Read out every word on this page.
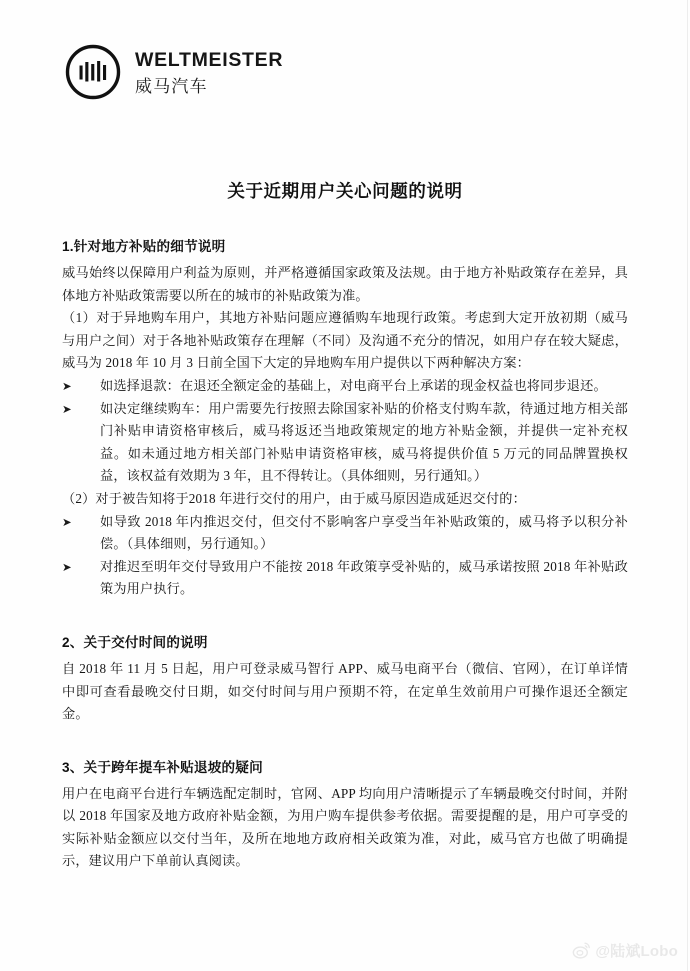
WELTMEISTER
威马汽车
关于近期用户关心问题的说明
1.针对地方补贴的细节说明

威马始终以保障用户利益为原则，并严格遵循国家政策及法规。由于地方补贴政策存在差异，具体地方补贴政策需要以所在的城市的补贴政策为准。

（1）对于异地购车用户，其地方补贴问题应遵循购车地现行政策。考虑到大定开放初期（威马与用户之间）对于各地补贴政策存在理解（不同）及沟通不充分的情况，如用户存在较大疑虑，威马为 2018 年 10 月 3 日前全国下大定的异地购车用户提供以下两种解决方案：

➤ 如选择退款：在退还全额定金的基础上，对电商平台上承诺的现金权益也将同步退还。
➤ 如决定继续购车：用户需要先行按照去除国家补贴的价格支付购车款，待通过地方相关部门补贴申请资格审核后，威马将返还当地政策规定的地方补贴金额，并提供一定补充权益。如未通过地方相关部门补贴申请资格审核，威马将提供价值 5 万元的同品牌置换权益，该权益有效期为 3 年，且不得转让。（具体细则，另行通知。）

（2）对于被告知将于2018 年进行交付的用户，由于威马原因造成延迟交付的：

➤ 如导致 2018 年内推迟交付，但交付不影响客户享受当年补贴政策的，威马将予以积分补偿。（具体细则，另行通知。）
➤ 对推迟至明年交付导致用户不能按 2018 年政策享受补贴的，威马承诺按照 2018 年补贴政策为用户执行。
2、关于交付时间的说明

自 2018 年 11 月 5 日起，用户可登录威马智行 APP、威马电商平台（微信、官网），在订单详情中即可查看最晚交付日期，如交付时间与用户预期不符，在定单生效前用户可操作退还全额定金。

3、关于跨年提车补贴退坡的疑问

用户在电商平台进行车辆选配定制时，官网、APP 均向用户清晰提示了车辆最晚交付时间，并附以 2018 年国家及地方政府补贴金额，为用户购车提供参考依据。需要提醒的是，用户可享受的实际补贴金额应以交付当年，及所在地地方政府相关政策为准，对此，威马官方也做了明确提示，建议用户下单前认真阅读。

@陆斌Lobo
